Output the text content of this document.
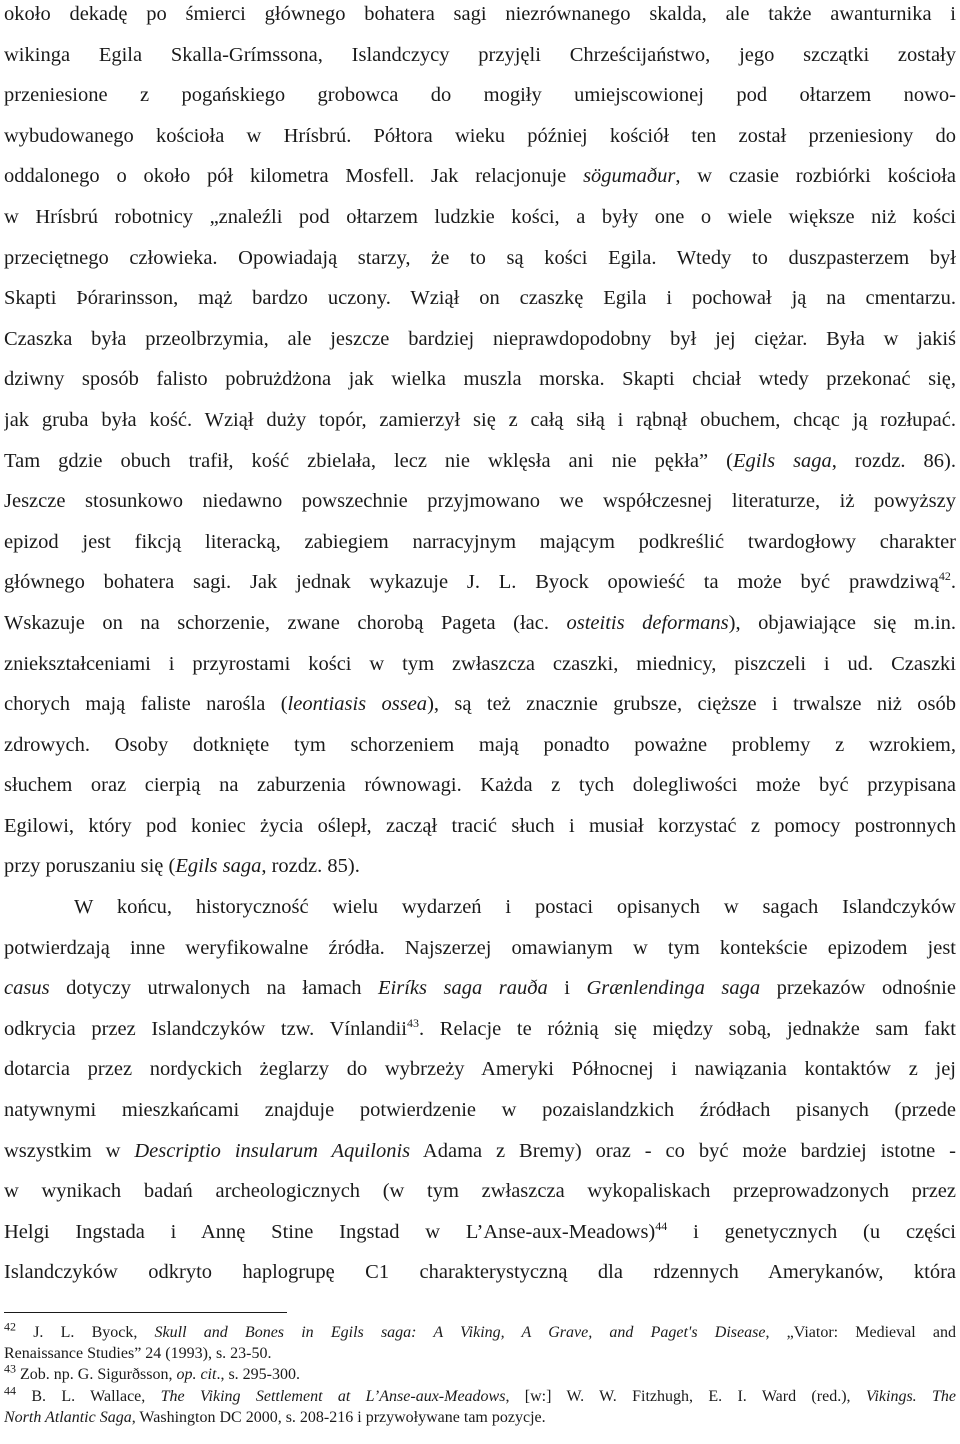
około dekadę po śmierci głównego bohatera sagi niezrównanego skalda, ale także awanturnika i
wikinga Egila Skalla-Grímssona, Islandczycy przyjęli Chrześcijaństwo, jego szczątki zostały
przeniesione z pogańskiego grobowca do mogiły umiejscowionej pod ołtarzem nowo-
wybudowanego kościoła w Hrísbrú. Półtora wieku później kościół ten został przeniesiony do
oddalonego o około pół kilometra Mosfell. Jak relacjonuje sögumaður, w czasie rozbiórki kościoła
w Hrísbrú robotnicy „znaleźli pod ołtarzem ludzkie kości, a były one o wiele większe niż kości
przeciętnego człowieka. Opowiadają starzy, że to są kości Egila. Wtedy to duszpasterzem był
Skapti Þórarinsson, mąż bardzo uczony. Wziął on czaszkę Egila i pochował ją na cmentarzu.
Czaszka była przeolbrzymia, ale jeszcze bardziej nieprawdopodobny był jej ciężar. Była w jakiś
dziwny sposób falisto pobrużdżona jak wielka muszla morska. Skapti chciał wtedy przekonać się,
jak gruba była kość. Wziął duży topór, zamierzył się z całą siłą i rąbnął obuchem, chcąc ją rozłupać.
Tam gdzie obuch trafił, kość zbielała, lecz nie wklęsła ani nie pękła” (Egils saga, rozdz. 86).
Jeszcze stosunkowo niedawno powszechnie przyjmowano we współczesnej literaturze, iż powyższy
epizod jest fikcją literacką, zabiegiem narracyjnym mającym podkreślić twardogłowy charakter
głównego bohatera sagi. Jak jednak wykazuje J. L. Byock opowieść ta może być prawdziwą$^{42}$.
Wskazuje on na schorzenie, zwane chorobą Pageta (łac. osteitis deformans), objawiające się m.in.
zniekształceniami i przyrostami kości w tym zwłaszcza czaszki, miednicy, piszczeli i ud. Czaszki
chorych mają faliste narośla (leontiasis ossea), są też znacznie grubsze, cięższe i trwalsze niż osób
zdrowych. Osoby dotknięte tym schorzeniem mają ponadto poważne problemy z wzrokiem,
słuchem oraz cierpią na zaburzenia równowagi. Każda z tych dolegliwości może być przypisana
Egilowi, który pod koniec życia oślepł, zaczął tracić słuch i musiał korzystać z pomocy postronnych
przy poruszaniu się (Egils saga, rozdz. 85).
W końcu, historyczność wielu wydarzeń i postaci opisanych w sagach Islandczyków
potwierdzają inne weryfikowalne źródła. Najszerzej omawianym w tym kontekście epizodem jest
casus dotyczy utrwalonych na łamach Eiríks saga rauða i Grænlendinga saga przekazów odnośnie
odkrycia przez Islandczyków tzw. Vínlandii$^{43}$. Relacje te różnią się między sobą, jednakże sam fakt
dotarcia przez nordyckich żeglarzy do wybrzeży Ameryki Północnej i nawiązania kontaktów z jej
natywnymi mieszkańcami znajduje potwierdzenie w pozaislandzkich źródłach pisanych (przede
wszystkim w Descriptio insularum Aquilonis Adama z Bremy) oraz - co być może bardziej istotne -
w wynikach badań archeologicznych (w tym zwłaszcza wykopaliskach przeprowadzonych przez
Helgi Ingstada i Annę Stine Ingstad w L’Anse-aux-Meadows)$^{44}$ i genetycznych (u części
Islandczyków odkryto haplogrupę C1 charakterystyczną dla rdzennych Amerykanów, która
$^{42}$ J. L. Byock, Skull and Bones in Egils saga: A Viking, A Grave, and Paget's Disease, „Viator: Medieval and
Renaissance Studies” 24 (1993), s. 23-50.
$^{43}$ Zob. np. G. Sigurðsson, op. cit., s. 295-300.
$^{44}$ B. L. Wallace, The Viking Settlement at L’Anse-aux-Meadows, [w:] W. W. Fitzhugh, E. I. Ward (red.), Vikings. The
North Atlantic Saga, Washington DC 2000, s. 208-216 i przywoływane tam pozycje.
